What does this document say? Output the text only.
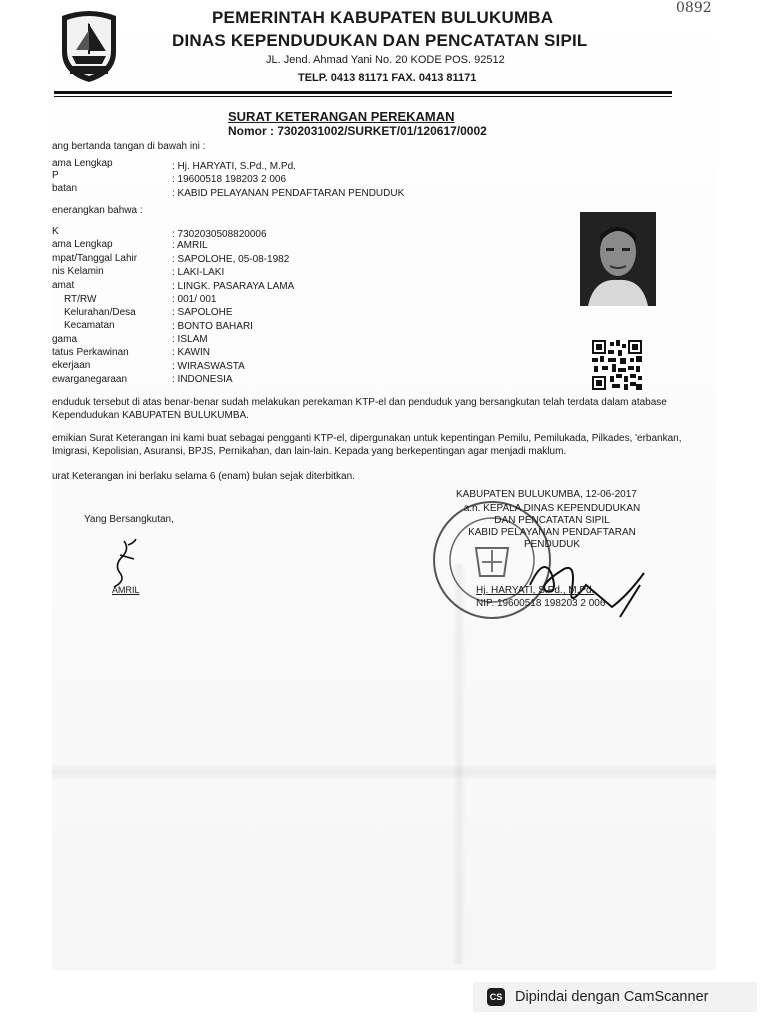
PEMERINTAH KABUPATEN BULUKUMBA
DINAS KEPENDUDUKAN DAN PENCATATAN SIPIL
JL. Jend. Ahmad Yani No. 20 KODE POS. 92512
TELP. 0413 81171 FAX. 0413 81171
0892
SURAT KETERANGAN PEREKAMAN
Nomor : 7302031002/SURKET/01/120617/0002
ang bertanda tangan di bawah ini :
ama Lengkap	: Hj. HARYATI, S.Pd., M.Pd.
P	: 19600518 198203 2 006
batan	: KABID PELAYANAN PENDAFTARAN PENDUDUK
enerangkan bahwa :
K	: 7302030508820006
ama Lengkap	: AMRIL
mpat/Tanggal Lahir	: SAPOLOHE, 05-08-1982
nis Kelamin	: LAKI-LAKI
amat	: LINGK. PASARAYA LAMA
RT/RW	: 001/ 001
Kelurahan/Desa	: SAPOLOHE
Kecamatan	: BONTO BAHARI
gama	: ISLAM
tatus Perkawinan	: KAWIN
ekerjaan	: WIRASWASTA
ewarganegaraan	: INDONESIA
enduduk tersebut di atas benar-benar sudah melakukan perekaman KTP-el dan penduduk yang bersangkutan telah terdata dalam atabase Kependudukan KABUPATEN BULUKUMBA.
emikian Surat Keterangan ini kami buat sebagai pengganti KTP-el, dipergunakan untuk kepentingan Pemilu, Pemilukada, Pilkades, 'erbankan, Imigrasi, Kepolisian, Asuransi, BPJS, Pernikahan, dan lain-lain. Kepada yang berkepentingan agar menjadi maklum.
urat Keterangan ini berlaku selama 6 (enam) bulan sejak diterbitkan.
KABUPATEN BULUKUMBA, 12-06-2017
a.n. KEPALA DINAS KEPENDUDUKAN
DAN PENCATATAN SIPIL
KABID PELAYANAN PENDAFTARAN
PENDUDUK
Hj. HARYATI, S.Pd., M.Pd.
NIP. 19600518 198203 2 006
Yang Bersangkutan,
AMRIL
CS Dipindai dengan CamScanner
